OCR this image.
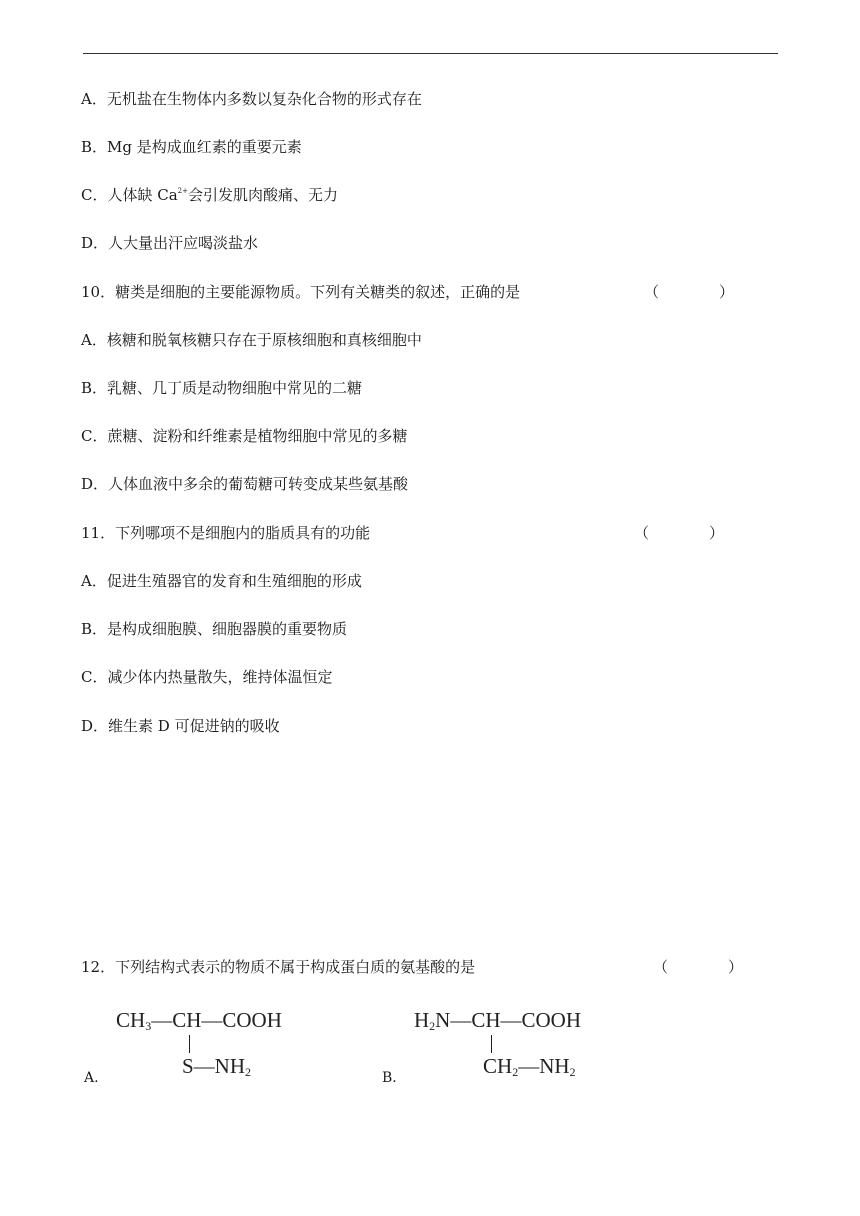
A．无机盐在生物体内多数以复杂化合物的形式存在
B．Mg 是构成血红素的重要元素
C．人体缺 $Ca^{2+}$会引发肌肉酸痛、无力
D．人大量出汗应喝淡盐水
10．糖类是细胞的主要能源物质。下列有关糖类的叙述，正确的是	（　　　　）
A．核糖和脱氧核糖只存在于原核细胞和真核细胞中
B．乳糖、几丁质是动物细胞中常见的二糖
C．蔗糖、淀粉和纤维素是植物细胞中常见的多糖
D．人体血液中多余的葡萄糖可转变成某些氨基酸
11．下列哪项不是细胞内的脂质具有的功能	（　　　　）
A．促进生殖器官的发育和生殖细胞的形成
B．是构成细胞膜、细胞器膜的重要物质
C．减少体内热量散失，维持体温恒定
D．维生素 D 可促进钠的吸收
12．下列结构式表示的物质不属于构成蛋白质的氨基酸的是	（　　　　）
A.
$CH_3—CH—COOH$
$S—NH_2$	B.
$H_2N—CH—COOH$
$CH_2—NH_2$
